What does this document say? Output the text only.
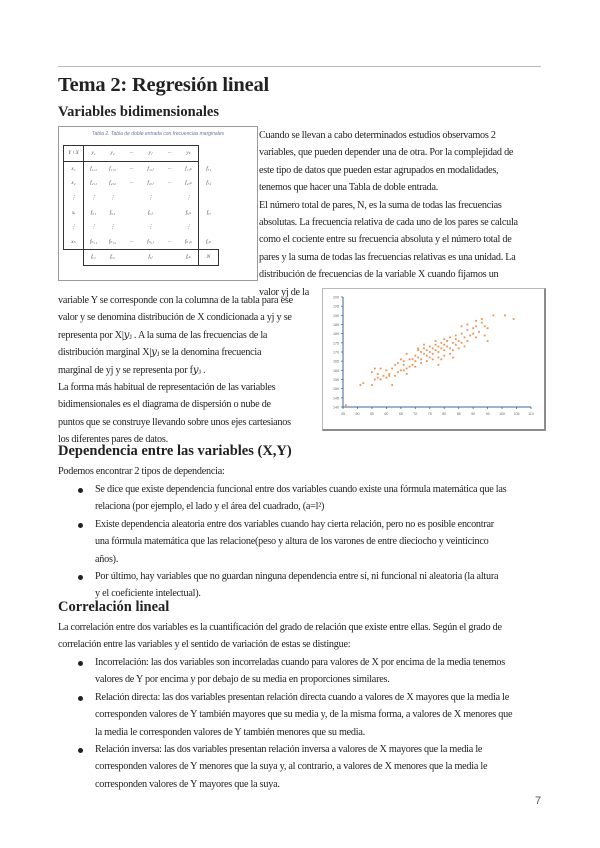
Tema 2: Regresión lineal
Variables bidimensionales
Tabla 2. Tabla de doble entrada con frecuencias marginales
Y \ X	y₁	y₂	···	yⱼ	···	yₖ	
x₁	f₁,₁	f₁,₂	···	f₁,ⱼ	···	f₁,ₖ	fₓ₁
x₂	f₂,₁	f₂,₂	···	f₂,ⱼ	···	f₂,ₖ	fₓ₂
⋮	⋮	⋮		⋮		⋮	
xᵢ	fᵢ,₁	fᵢ,₂		fᵢ,ⱼ		fᵢ,ₖ	fₓᵢ
⋮	⋮	⋮		⋮		⋮	
xₕ	fₕ,₁	fₕ,₂	···	fₕ,ⱼ	···	fₕ,ₖ	fₓₕ
	fᵧ₁	fᵧ₂		fᵧⱼ		fᵧₖ	N

Cuando se llevan a cabo determinados estudios observamos 2

variables, que pueden depender una de otra. Por la complejidad de

este tipo de datos que pueden estar agrupados en modalidades,

tenemos que hacer una Tabla de doble entrada.

El número total de pares, N, es la suma de todas las frecuencias

absolutas. La frecuencia relativa de cada uno de los pares se calcula

como el cociente entre su frecuencia absoluta y el número total de

pares y la suma de todas las frecuencias relativas es una unidad. La

distribución de frecuencias de la variable X cuando fijamos un

valor yj de la

variable Y se corresponde con la columna de la tabla para ese

valor y se denomina distribución de X condicionada a yj y se

representa por X|𝑦ⱼ . A la suma de las frecuencias de la

distribución marginal X|𝑦ⱼ se la denomina frecuencia

marginal de yj y se representa por f𝑦ⱼ .

La forma más habitual de representación de las variables

bidimensionales es el diagrama de dispersión o nube de

puntos que se construye llevando sobre unos ejes cartesianos

los diferentes pares de datos.

140
145
150
155
160
165
170
175
180
185
190
195
200
45	50	55	60	65	70	75	80	85	90	95	100 105 110
Dependencia entre las variables (X,Y)
Podemos encontrar 2 tipos de dependencia:
Se dice que existe dependencia funcional entre dos variables cuando existe una fórmula matemática que las
relaciona (por ejemplo, el lado y el área del cuadrado, (a=l²)
Existe dependencia aleatoria entre dos variables cuando hay cierta relación, pero no es posible encontrar
una fórmula matemática que las relacione(peso y altura de los varones de entre dieciocho y veinticinco
años).
Por último, hay variables que no guardan ninguna dependencia entre sí, ni funcional ni aleatoria (la altura
y el coeficiente intelectual).
Correlación lineal

La correlación entre dos variables es la cuantificación del grado de relación que existe entre ellas. Según el grado de

correlación entre las variables y el sentido de variación de estas se distingue:

Incorrelación: las dos variables son incorreladas cuando para valores de X por encima de la media tenemos
valores de Y por encima y por debajo de su media en proporciones similares.
Relación directa: las dos variables presentan relación directa cuando a valores de X mayores que la media le
corresponden valores de Y también mayores que su media y, de la misma forma, a valores de X menores que
la media le corresponden valores de Y también menores que su media.
Relación inversa: las dos variables presentan relación inversa a valores de X mayores que la media le
corresponden valores de Y menores que la suya y, al contrario, a valores de X menores que la media le
corresponden valores de Y mayores que la suya.
7
